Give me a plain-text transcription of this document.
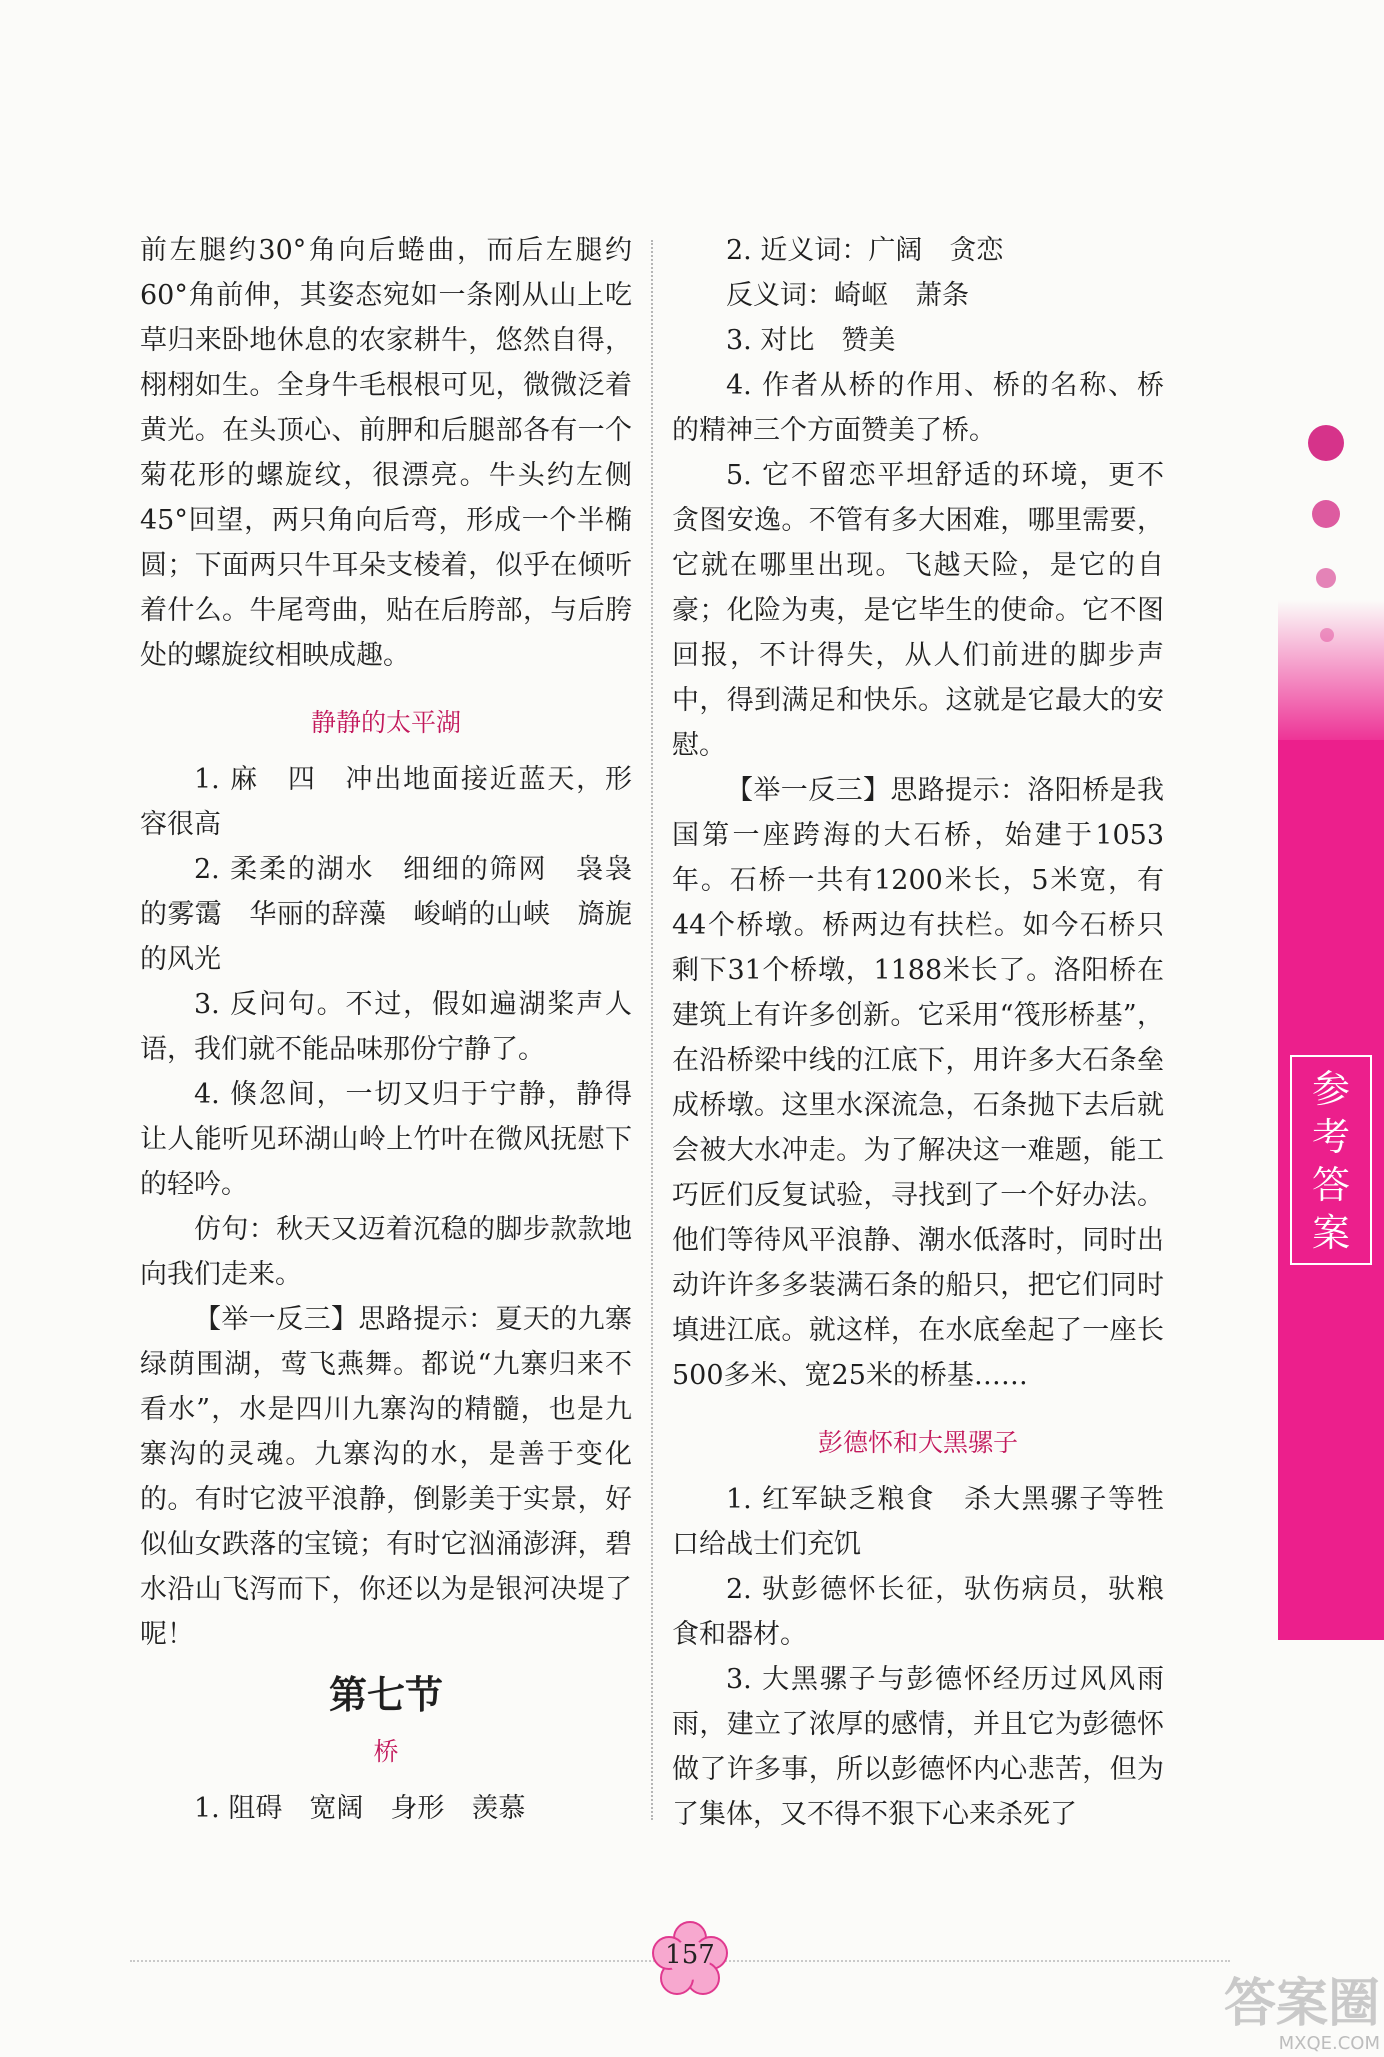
前左腿约30°角向后蜷曲，而后左腿约60°角前伸，其姿态宛如一条刚从山上吃草归来卧地休息的农家耕牛，悠然自得，栩栩如生。全身牛毛根根可见，微微泛着黄光。在头顶心、前胛和后腿部各有一个菊花形的螺旋纹，很漂亮。牛头约左侧45°回望，两只角向后弯，形成一个半椭圆；下面两只牛耳朵支棱着，似乎在倾听着什么。牛尾弯曲，贴在后胯部，与后胯处的螺旋纹相映成趣。

静静的太平湖

1. 麻　四　冲出地面接近蓝天，形容很高

2. 柔柔的湖水　细细的筛网　袅袅的雾霭　华丽的辞藻　峻峭的山峡　旖旎的风光

3. 反问句。不过，假如遍湖桨声人语，我们就不能品味那份宁静了。

4. 倏忽间，一切又归于宁静，静得让人能听见环湖山岭上竹叶在微风抚慰下的轻吟。

仿句：秋天又迈着沉稳的脚步款款地向我们走来。

【举一反三】思路提示：夏天的九寨绿荫围湖，莺飞燕舞。都说“九寨归来不看水”，水是四川九寨沟的精髓，也是九寨沟的灵魂。九寨沟的水，是善于变化的。有时它波平浪静，倒影美于实景，好似仙女跌落的宝镜；有时它汹涌澎湃，碧水沿山飞泻而下，你还以为是银河决堤了呢！

第七节
桥

1. 阻碍　宽阔　身形　羡慕

2. 近义词：广阔　贪恋

反义词：崎岖　萧条

3. 对比　赞美

4. 作者从桥的作用、桥的名称、桥的精神三个方面赞美了桥。

5. 它不留恋平坦舒适的环境，更不贪图安逸。不管有多大困难，哪里需要，它就在哪里出现。飞越天险，是它的自豪；化险为夷，是它毕生的使命。它不图回报，不计得失，从人们前进的脚步声中，得到满足和快乐。这就是它最大的安慰。

【举一反三】思路提示：洛阳桥是我国第一座跨海的大石桥，始建于1053年。石桥一共有1200米长，5米宽，有44个桥墩。桥两边有扶栏。如今石桥只剩下31个桥墩，1188米长了。洛阳桥在建筑上有许多创新。它采用“筏形桥基”，在沿桥梁中线的江底下，用许多大石条垒成桥墩。这里水深流急，石条抛下去后就会被大水冲走。为了解决这一难题，能工巧匠们反复试验，寻找到了一个好办法。他们等待风平浪静、潮水低落时，同时出动许许多多装满石条的船只，把它们同时填进江底。就这样，在水底垒起了一座长500多米、宽25米的桥基……

彭德怀和大黑骡子

1. 红军缺乏粮食　杀大黑骡子等牲口给战士们充饥

2. 驮彭德怀长征，驮伤病员，驮粮食和器材。

3. 大黑骡子与彭德怀经历过风风雨雨，建立了浓厚的感情，并且它为彭德怀做了许多事，所以彭德怀内心悲苦，但为了集体，又不得不狠下心来杀死了

参
考
答
案
157
答案圈
MXQE.COM
